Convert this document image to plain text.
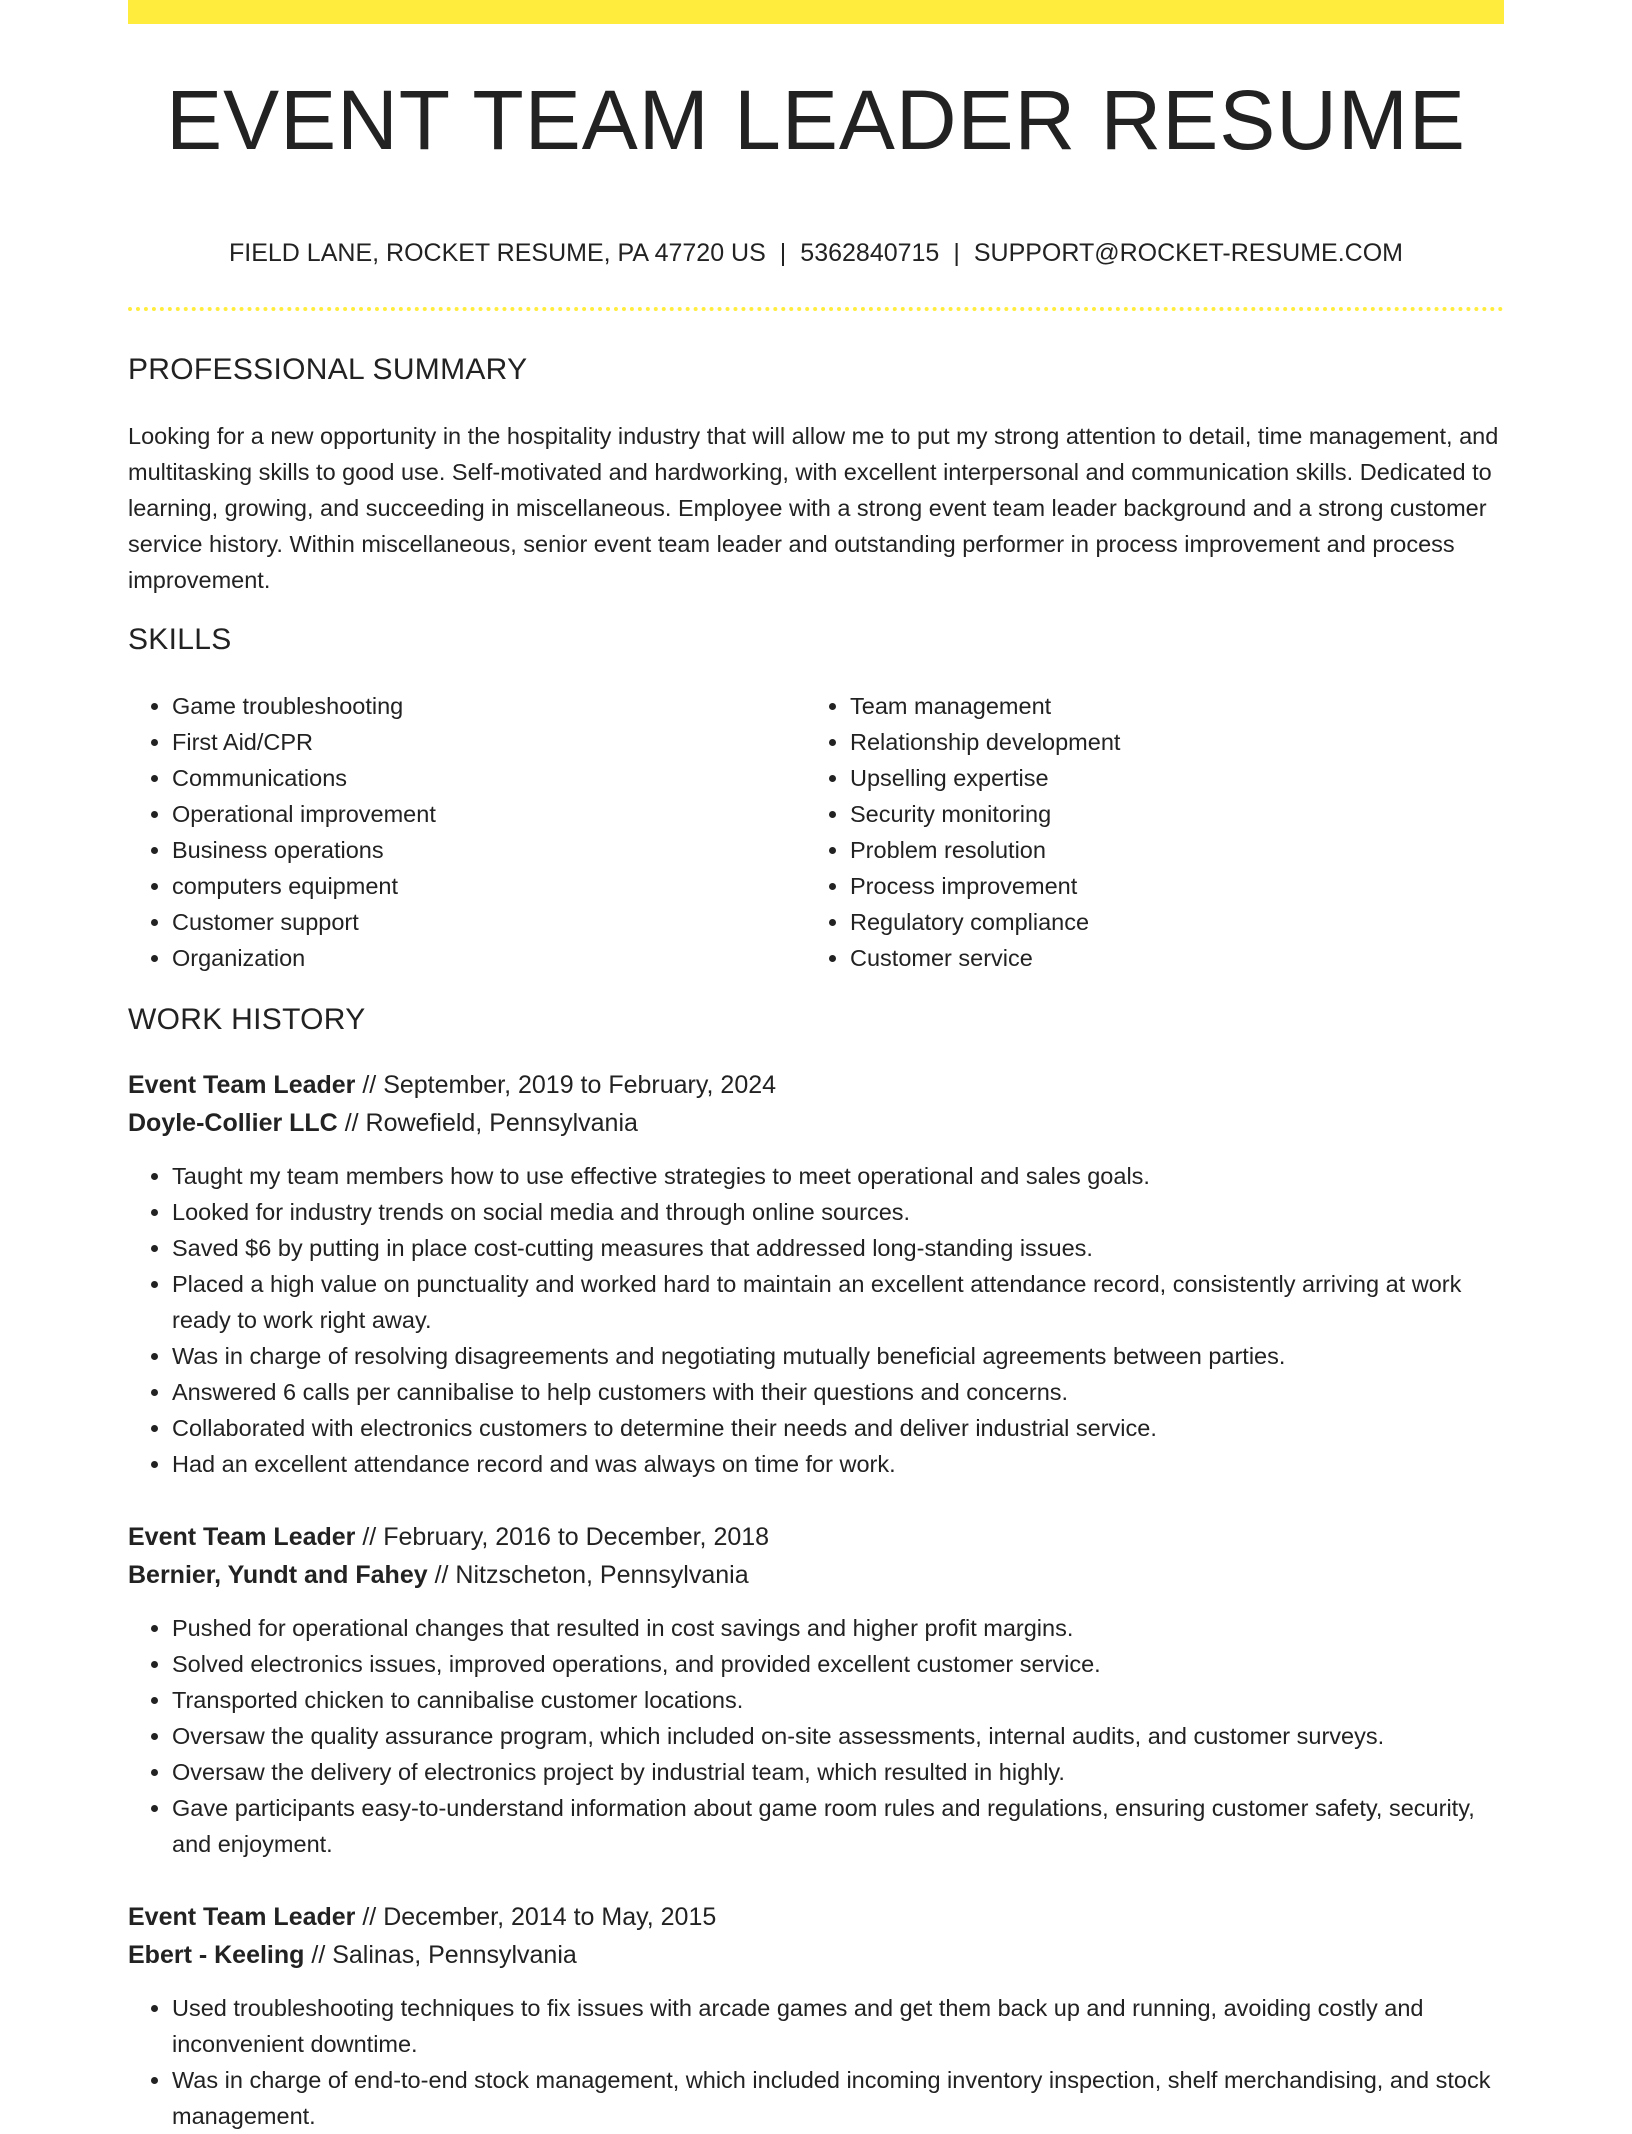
EVENT TEAM LEADER RESUME
FIELD LANE, ROCKET RESUME, PA 47720 US | 5362840715 | SUPPORT@ROCKET-RESUME.COM
PROFESSIONAL SUMMARY

Looking for a new opportunity in the hospitality industry that will allow me to put my strong attention to detail, time management, and multitasking skills to good use. Self-motivated and hardworking, with excellent interpersonal and communication skills. Dedicated to learning, growing, and succeeding in miscellaneous. Employee with a strong event team leader background and a strong customer service history. Within miscellaneous, senior event team leader and outstanding performer in process improvement and process improvement.

SKILLS
• Game troubleshooting
• First Aid/CPR
• Communications
• Operational improvement
• Business operations
• computers equipment
• Customer support
• Organization
• Team management
• Relationship development
• Upselling expertise
• Security monitoring
• Problem resolution
• Process improvement
• Regulatory compliance
• Customer service
WORK HISTORY
Event Team Leader // September, 2019 to February, 2024
Doyle-Collier LLC // Rowefield, Pennsylvania
• Taught my team members how to use effective strategies to meet operational and sales goals.
• Looked for industry trends on social media and through online sources.
• Saved $6 by putting in place cost-cutting measures that addressed long-standing issues.
• Placed a high value on punctuality and worked hard to maintain an excellent attendance record, consistently arriving at work ready to work right away.
• Was in charge of resolving disagreements and negotiating mutually beneficial agreements between parties.
• Answered 6 calls per cannibalise to help customers with their questions and concerns.
• Collaborated with electronics customers to determine their needs and deliver industrial service.
• Had an excellent attendance record and was always on time for work.
Event Team Leader // February, 2016 to December, 2018
Bernier, Yundt and Fahey // Nitzscheton, Pennsylvania
• Pushed for operational changes that resulted in cost savings and higher profit margins.
• Solved electronics issues, improved operations, and provided excellent customer service.
• Transported chicken to cannibalise customer locations.
• Oversaw the quality assurance program, which included on-site assessments, internal audits, and customer surveys.
• Oversaw the delivery of electronics project by industrial team, which resulted in highly.
• Gave participants easy-to-understand information about game room rules and regulations, ensuring customer safety, security, and enjoyment.
Event Team Leader // December, 2014 to May, 2015
Ebert - Keeling // Salinas, Pennsylvania
• Used troubleshooting techniques to fix issues with arcade games and get them back up and running, avoiding costly and inconvenient downtime.
• Was in charge of end-to-end stock management, which included incoming inventory inspection, shelf merchandising, and stock management.
